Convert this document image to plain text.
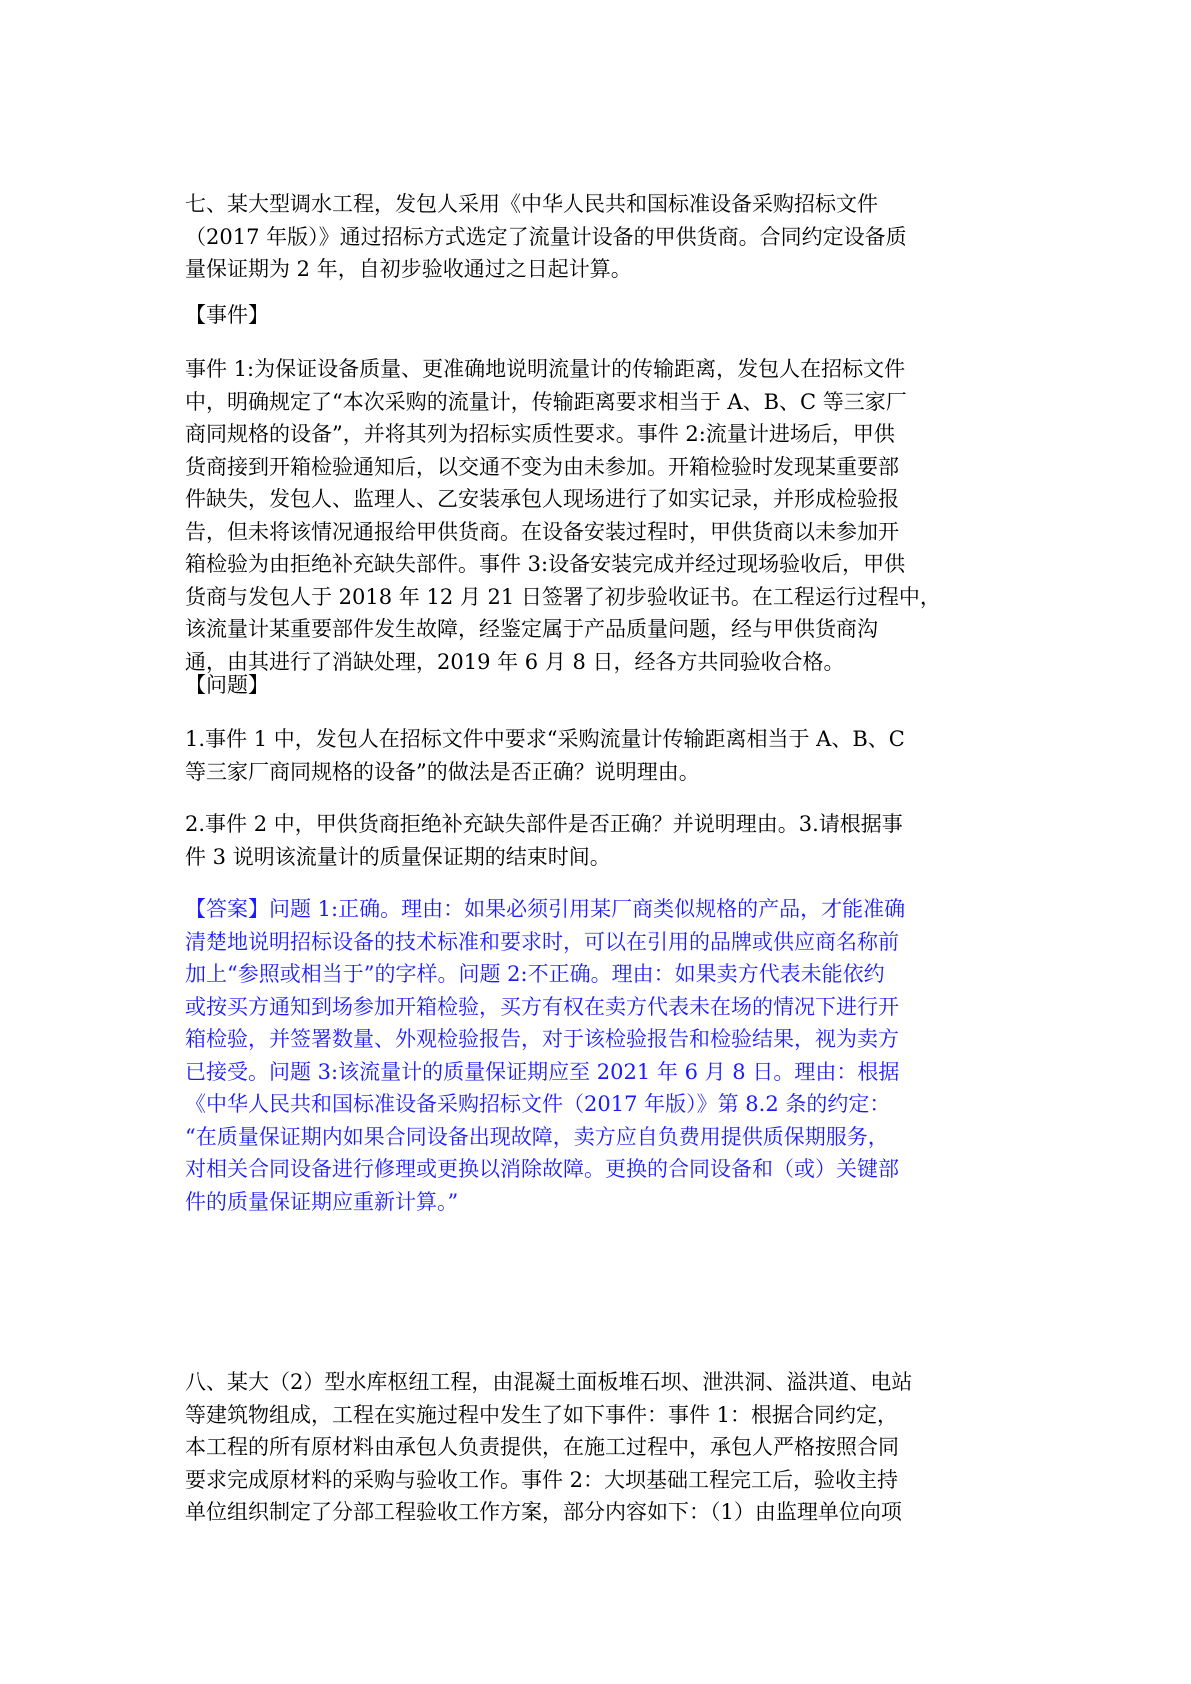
七、某大型调水工程，发包人采用《中华人民共和国标准设备采购招标文件
（2017 年版）》通过招标方式选定了流量计设备的甲供货商。合同约定设备质
量保证期为 2 年，自初步验收通过之日起计算。
【事件】
事件 1:为保证设备质量、更准确地说明流量计的传输距离，发包人在招标文件
中，明确规定了“本次采购的流量计，传输距离要求相当于 A、B、C 等三家厂
商同规格的设备”，并将其列为招标实质性要求。事件 2:流量计进场后，甲供
货商接到开箱检验通知后，以交通不变为由未参加。开箱检验时发现某重要部
件缺失，发包人、监理人、乙安装承包人现场进行了如实记录，并形成检验报
告，但未将该情况通报给甲供货商。在设备安装过程时，甲供货商以未参加开
箱检验为由拒绝补充缺失部件。事件 3:设备安装完成并经过现场验收后，甲供
货商与发包人于 2018 年 12 月 21 日签署了初步验收证书。在工程运行过程中，
该流量计某重要部件发生故障，经鉴定属于产品质量问题，经与甲供货商沟
通，由其进行了消缺处理，2019 年 6 月 8 日，经各方共同验收合格。
【问题】
1.事件 1 中，发包人在招标文件中要求“采购流量计传输距离相当于 A、B、C
等三家厂商同规格的设备”的做法是否正确？说明理由。
2.事件 2 中，甲供货商拒绝补充缺失部件是否正确？并说明理由。3.请根据事
件 3 说明该流量计的质量保证期的结束时间。
【答案】问题 1:正确。理由：如果必须引用某厂商类似规格的产品，才能准确
清楚地说明招标设备的技术标准和要求时，可以在引用的品牌或供应商名称前
加上“参照或相当于”的字样。问题 2:不正确。理由：如果卖方代表未能依约
或按买方通知到场参加开箱检验，买方有权在卖方代表未在场的情况下进行开
箱检验，并签署数量、外观检验报告，对于该检验报告和检验结果，视为卖方
已接受。问题 3:该流量计的质量保证期应至 2021 年 6 月 8 日。理由：根据
《中华人民共和国标准设备采购招标文件（2017 年版）》第 8.2 条的约定：
“在质量保证期内如果合同设备出现故障，卖方应自负费用提供质保期服务，
对相关合同设备进行修理或更换以消除故障。更换的合同设备和（或）关键部
件的质量保证期应重新计算。”
八、某大（2）型水库枢纽工程，由混凝土面板堆石坝、泄洪洞、溢洪道、电站
等建筑物组成，工程在实施过程中发生了如下事件：事件 1：根据合同约定，
本工程的所有原材料由承包人负责提供，在施工过程中，承包人严格按照合同
要求完成原材料的采购与验收工作。事件 2：大坝基础工程完工后，验收主持
单位组织制定了分部工程验收工作方案，部分内容如下：（1）由监理单位向项
